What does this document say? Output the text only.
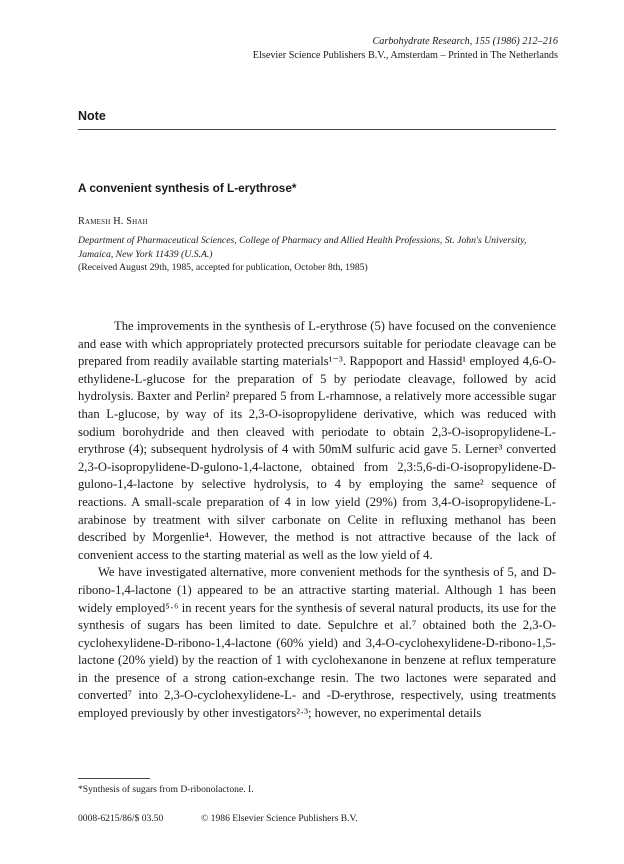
Carbohydrate Research, 155 (1986) 212–216
Elsevier Science Publishers B.V., Amsterdam – Printed in The Netherlands
Note
A convenient synthesis of L-erythrose*
Ramesh H. Shah
Department of Pharmaceutical Sciences, College of Pharmacy and Allied Health Professions, St. John's University, Jamaica, New York 11439 (U.S.A.)
(Received August 29th, 1985, accepted for publication, October 8th, 1985)

The improvements in the synthesis of L-erythrose (5) have focused on the convenience and ease with which appropriately protected precursors suitable for periodate cleavage can be prepared from readily available starting materials¹⁻³. Rappoport and Hassid¹ employed 4,6-O-ethylidene-L-glucose for the preparation of 5 by periodate cleavage, followed by acid hydrolysis. Baxter and Perlin² prepared 5 from L-rhamnose, a relatively more accessible sugar than L-glucose, by way of its 2,3-O-isopropylidene derivative, which was reduced with sodium borohydride and then cleaved with periodate to obtain 2,3-O-isopropylidene-L-erythrose (4); subsequent hydrolysis of 4 with 50mM sulfuric acid gave 5. Lerner³ converted 2,3-O-isopropylidene-D-gulono-1,4-lactone, obtained from 2,3:5,6-di-O-isopropylidene-D-gulono-1,4-lactone by selective hydrolysis, to 4 by employing the same² sequence of reactions. A small-scale preparation of 4 in low yield (29%) from 3,4-O-isopropylidene-L-arabinose by treatment with silver carbonate on Celite in refluxing methanol has been described by Morgenlie⁴. However, the method is not attractive because of the lack of convenient access to the starting material as well as the low yield of 4.

We have investigated alternative, more convenient methods for the synthesis of 5, and D-ribono-1,4-lactone (1) appeared to be an attractive starting material. Although 1 has been widely employed⁵·⁶ in recent years for the synthesis of several natural products, its use for the synthesis of sugars has been limited to date. Sepulchre et al.⁷ obtained both the 2,3-O-cyclohexylidene-D-ribono-1,4-lactone (60% yield) and 3,4-O-cyclohexylidene-D-ribono-1,5-lactone (20% yield) by the reaction of 1 with cyclohexanone in benzene at reflux temperature in the presence of a strong cation-exchange resin. The two lactones were separated and converted⁷ into 2,3-O-cyclohexylidene-L- and -D-erythrose, respectively, using treatments employed previously by other investigators²·³; however, no experimental details

*Synthesis of sugars from D-ribonolactone. I.
0008-6215/86/$ 03.50	© 1986 Elsevier Science Publishers B.V.
